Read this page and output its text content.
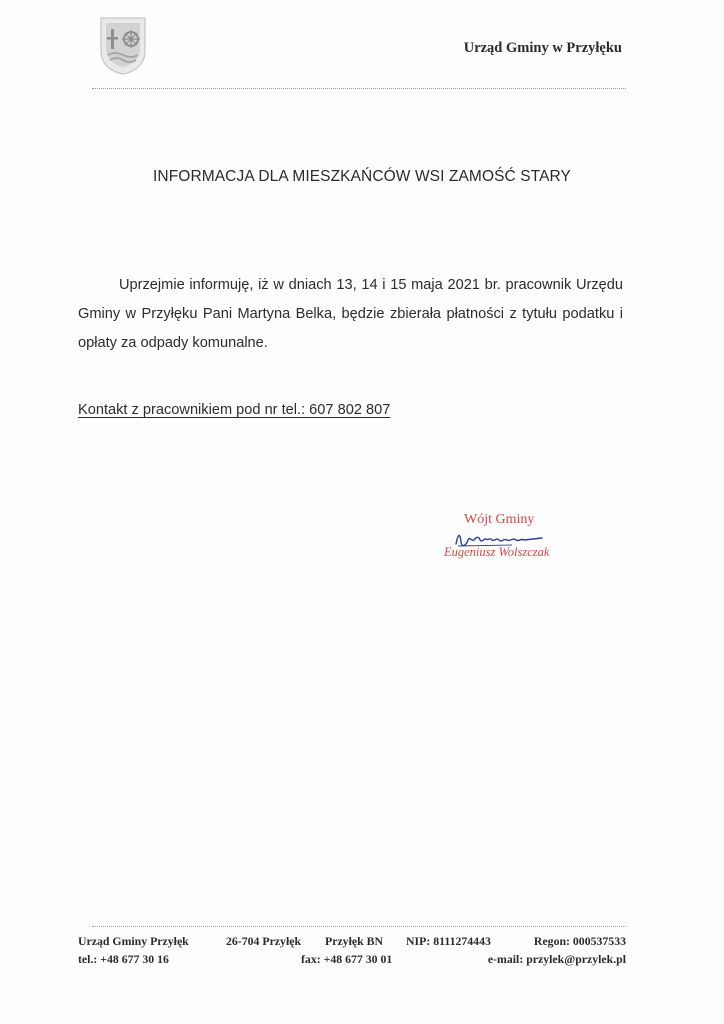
Urząd Gminy w Przyłęku
INFORMACJA DLA MIESZKAŃCÓW WSI ZAMOŚĆ STARY
Uprzejmie informuję, iż w dniach 13, 14 i 15 maja 2021 br. pracownik Urzędu Gminy w Przyłęku Pani Martyna Belka, będzie zbierała płatności z tytułu podatku i opłaty za odpady komunalne.
Kontakt z pracownikiem pod nr tel.: 607 802 807
Wójt Gminy
Eugeniusz Wolszczak
Urząd Gminy Przyłęk	26-704 Przyłęk Przyłęk BN NIP: 8111274443	Regon: 000537533
tel.: +48 677 30 16	fax: +48 677 30 01	e-mail: przylek@przylek.pl
